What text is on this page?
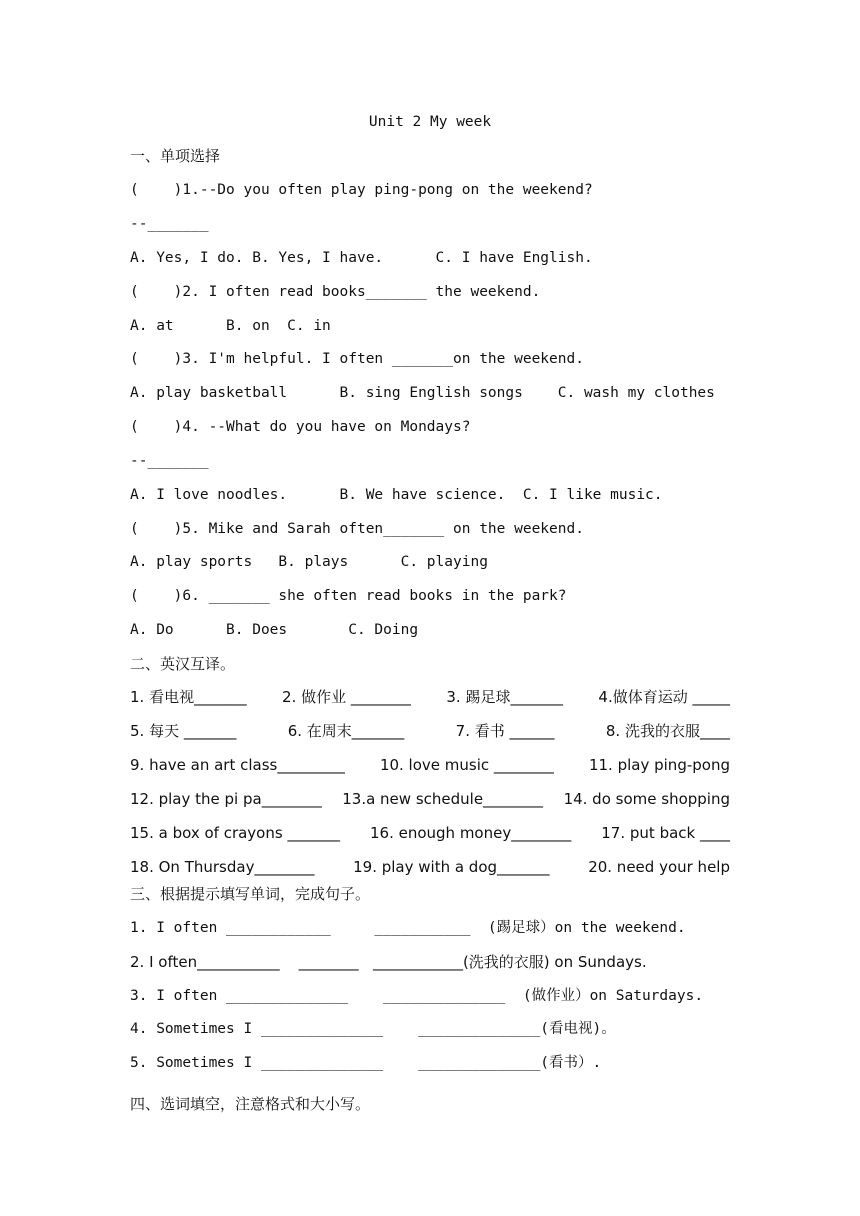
Unit 2 My week
一、单项选择
(    )1.--Do you often play ping-pong on the weekend?
--_______
A. Yes, I do. B. Yes, I have.      C. I have English.
(    )2. I often read books_______ the weekend.
A. at      B. on  C. in
(    )3. I'm helpful. I often _______on the weekend.
A. play basketball      B. sing English songs    C. wash my clothes
(    )4. --What do you have on Mondays?
--_______
A. I love noodles.      B. We have science.  C. I like music.
(    )5. Mike and Sarah often_______ on the weekend.
A. play sports   B. plays      C. playing
(    )6. _______ she often read books in the park?
A. Do      B. Does       C. Doing
二、英汉互译。
1. 看电视_______ 2. 做作业 ________ 3. 踢足球_______ 4.做体育运动 _____
5. 每天 _______	6. 在周末_______	7. 看书 ______	8. 洗我的衣服____
9. have an art class_________ 10. love music ________ 11. play ping-pong
12. play the pi pa________ 13.a new schedule________ 14. do some shopping
15. a box of crayons _______ 16. enough money________ 17. put back ____
18. On Thursday________	19. play with a dog_______	20. need your help
三、根据提示填写单词，完成句子。
1. I often ____________     ___________  (踢足球）on the weekend.
2. I often___________    ________   ____________(洗我的衣服) on Sundays.
3. I often ______________    ______________  (做作业）on Saturdays.
4. Sometimes I ______________    ______________(看电视)。
5. Sometimes I ______________    ______________(看书）.
四、选词填空，注意格式和大小写。
